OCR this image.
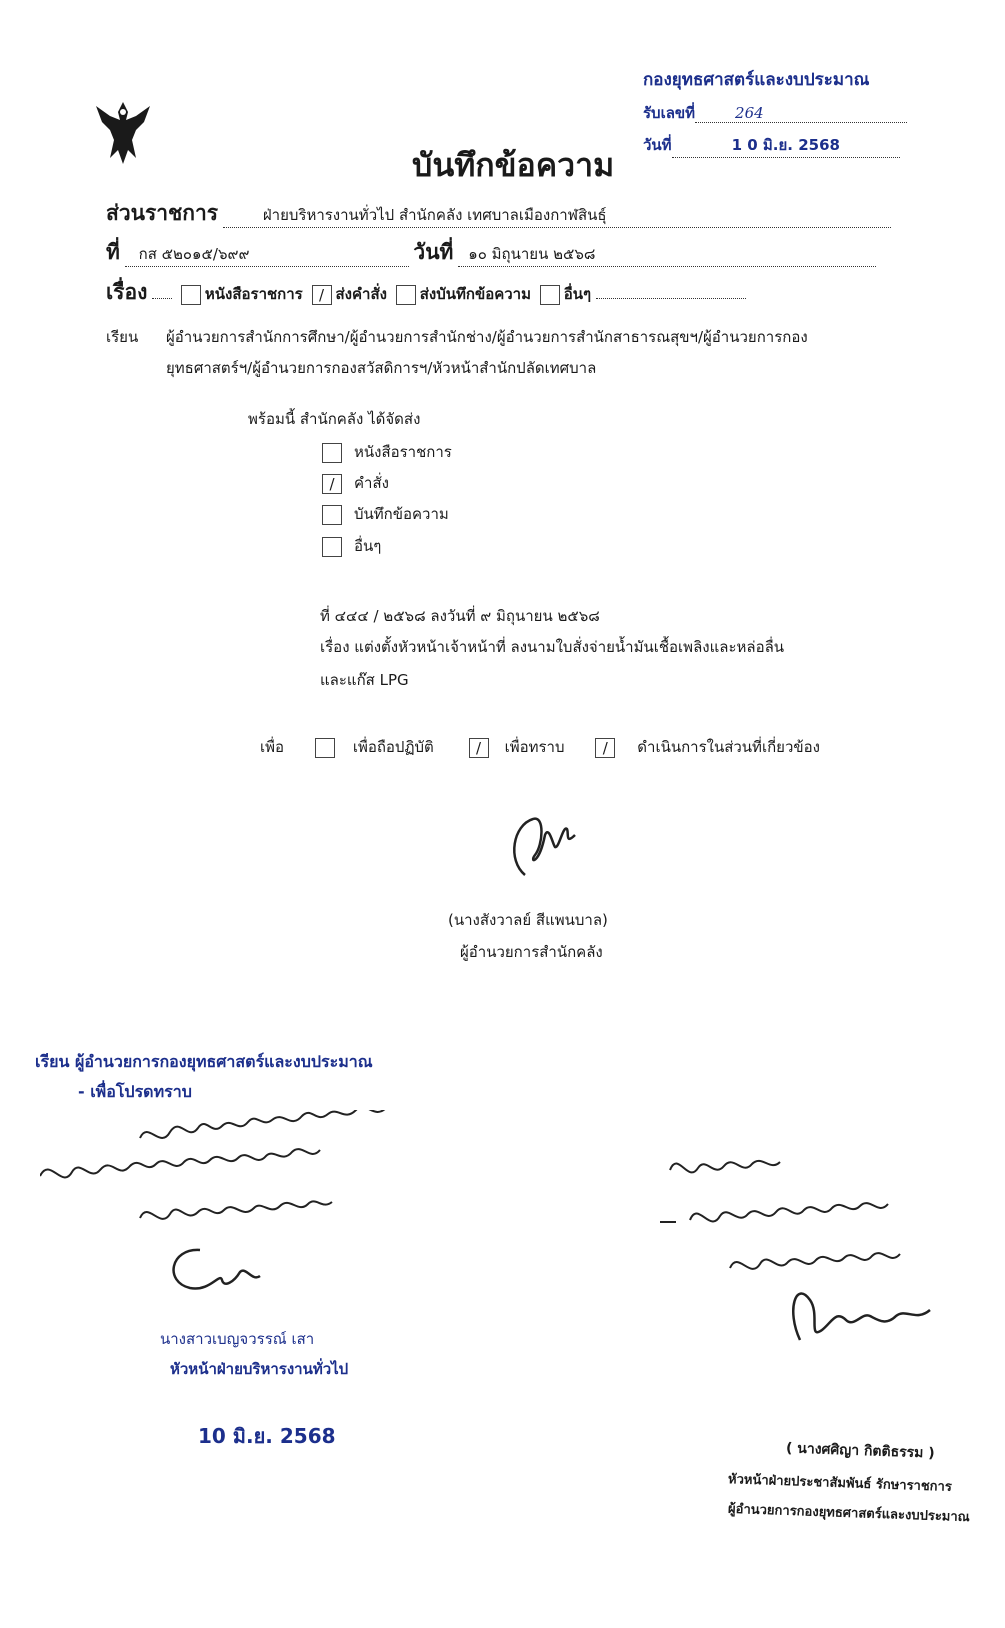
กองยุทธศาสตร์และงบประมาณ
รับเลขที่	264
วันที่	1 0 มิ.ย. 2568
บันทึกข้อความ
ส่วนราชการ	ฝ่ายบริหารงานทั่วไป สำนักคลัง เทศบาลเมืองกาฬสินธุ์
ที่ กส ๕๒๐๑๕/๖๙๙	วันที่ ๑๐ มิถุนายน ๒๕๖๘
เรื่อง	หนังสือราชการ / ส่งคำสั่ง ส่งบันทึกข้อความ อื่นๆ
เรียน ผู้อำนวยการสำนักการศึกษา/ผู้อำนวยการสำนักช่าง/ผู้อำนวยการสำนักสาธารณสุขฯ/ผู้อำนวยการกอง
ยุทธศาสตร์ฯ/ผู้อำนวยการกองสวัสดิการฯ/หัวหน้าสำนักปลัดเทศบาล
พร้อมนี้ สำนักคลัง ได้จัดส่ง
หนังสือราชการ
/ คำสั่ง
บันทึกข้อความ
อื่นๆ
ที่ ๔๔๔ / ๒๕๖๘ ลงวันที่ ๙ มิถุนายน ๒๕๖๘
เรื่อง แต่งตั้งหัวหน้าเจ้าหน้าที่ ลงนามใบสั่งจ่ายน้ำมันเชื้อเพลิงและหล่อลื่น
และแก๊ส LPG
เพื่อ	เพื่อถือปฏิบัติ	/ เพื่อทราบ	/ ดำเนินการในส่วนที่เกี่ยวข้อง
(นางสังวาลย์ สีแพนบาล)
ผู้อำนวยการสำนักคลัง
เรียน ผู้อำนวยการกองยุทธศาสตร์และงบประมาณ
- เพื่อโปรดทราบ
นางสาวเบญจวรรณ์ เสา
หัวหน้าฝ่ายบริหารงานทั่วไป
10 มิ.ย. 2568
( นางศศิญา กิตติธรรม )
หัวหน้าฝ่ายประชาสัมพันธ์ รักษาราชการ
ผู้อำนวยการกองยุทธศาสตร์และงบประมาณ
